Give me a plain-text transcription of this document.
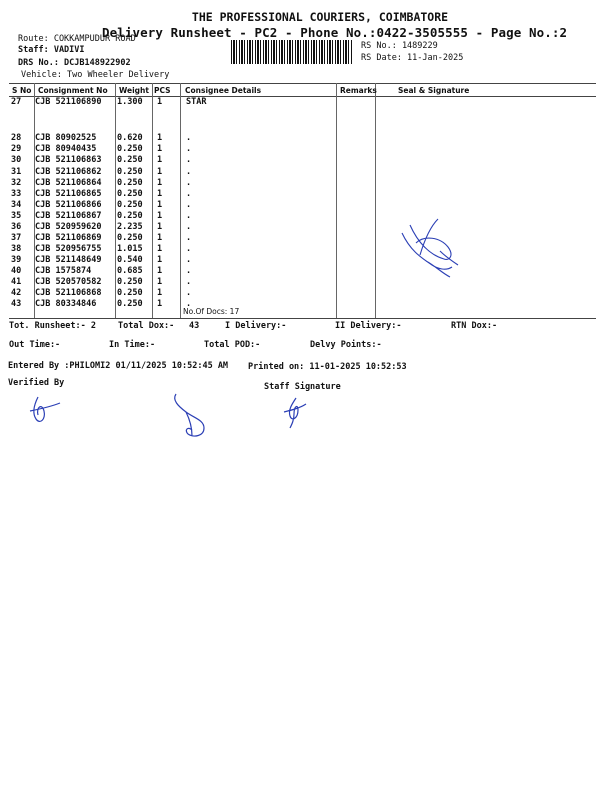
THE PROFESSIONAL COURIERS, COIMBATORE
Delivery Runsheet - PC2 - Phone No.:0422-3505555 - Page No.:2
Route: COKKAMPUDUR ROAD
Staff: VADIVI
DRS No.: DCJB148922902
Vehicle: Two Wheeler Delivery
RS No.: 1489229
RS Date: 11-Jan-2025
S No Consignment No Weight PCS Consignee Details	Remarks	Seal & Signature
27 CJB 521106890 1.300 1	STAR
28 CJB 80902525 0.620 1	.
29 CJB 80940435 0.250 1	.
30 CJB 521106863 0.250 1	.
31 CJB 521106862 0.250 1	.
32 CJB 521106864 0.250 1	.
33 CJB 521106865 0.250 1	.
34 CJB 521106866 0.250 1	.
35 CJB 521106867 0.250 1	.
36 CJB 520959620 2.235 1	.
37 CJB 521106869 0.250 1	.
38 CJB 520956755 1.015 1	.
39 CJB 521148649 0.540 1	.
40 CJB 1575874	0.685 1	.
41 CJB 520570582 0.250 1	.
42 CJB 521106868 0.250 1	.
43 CJB 80334846 0.250 1	.
No.Of Docs: 17
Tot. Runsheet:- 2	Total Dox:- 43	I Delivery:-	II Delivery:-	RTN Dox:-
Out Time:-	In Time:-	Total POD:-	Delvy Points:-
Entered By :PHILOMI2 01/11/2025 10:52:45 AM Printed on: 11-01-2025 10:52:53
Verified By	Staff Signature
